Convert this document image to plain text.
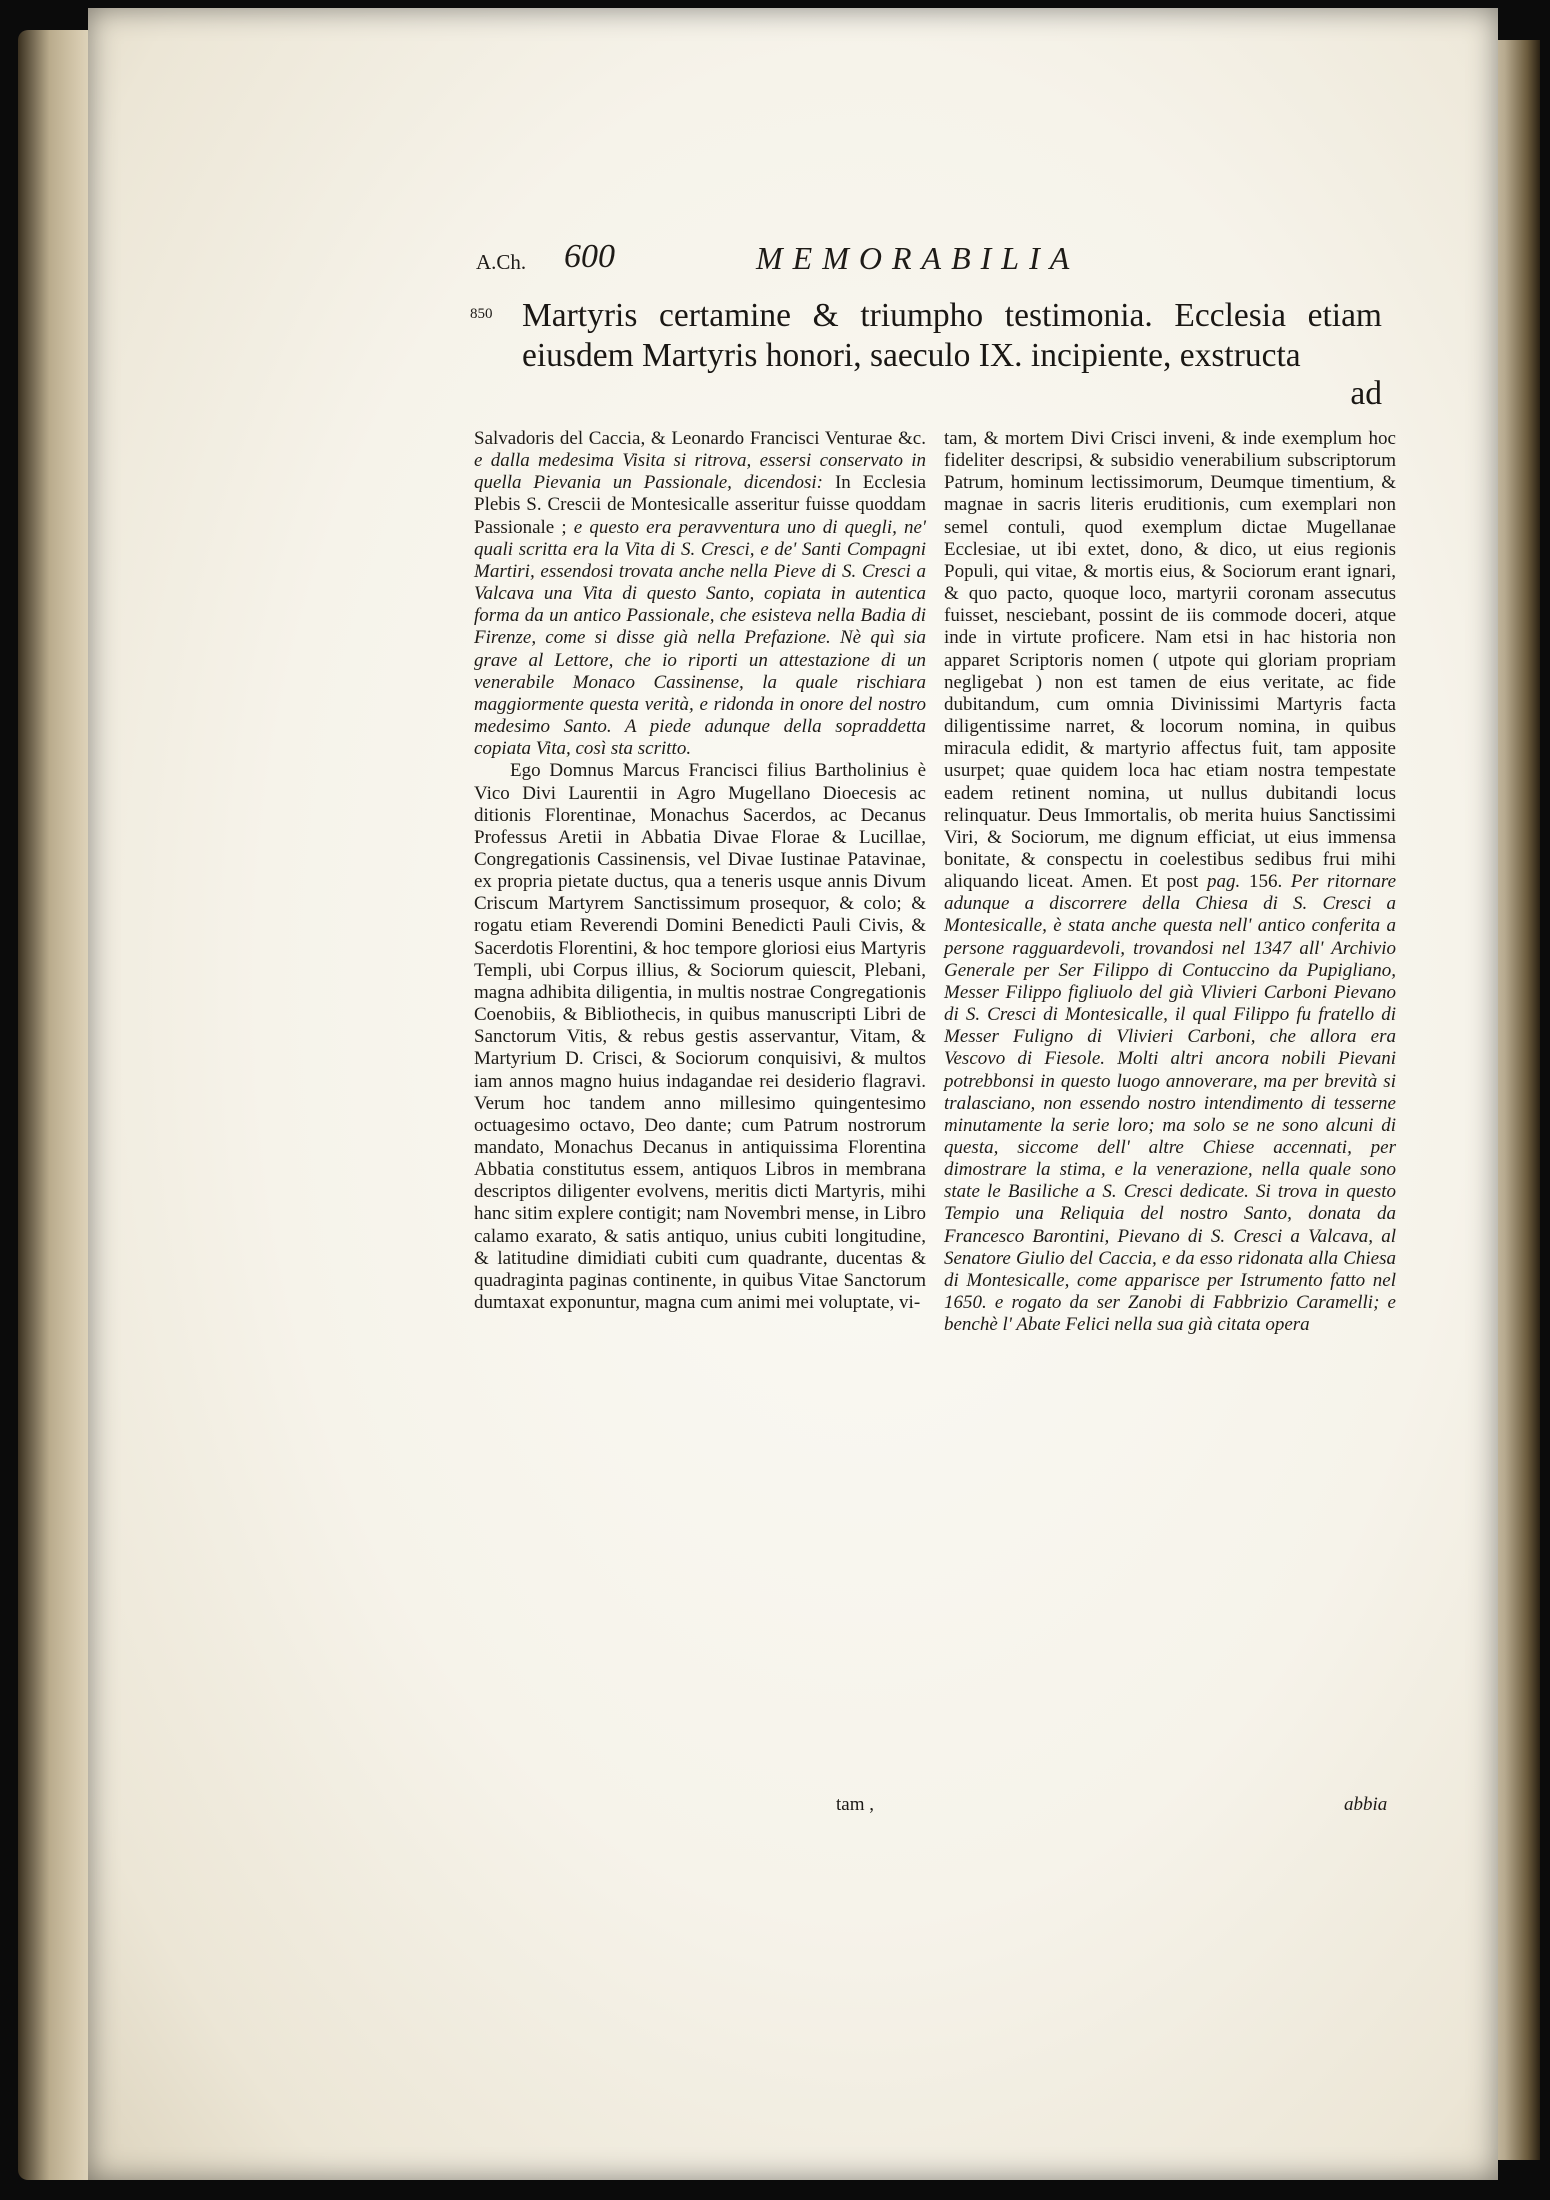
A.Ch. 600	MEMORABILIA
850 Martyris certamine & triumpho testimonia. Ecclesia etiam eiusdem Martyris honori, saeculo IX. incipiente, exstructa
ad

Salvadoris del Caccia, & Leonardo Francisci Venturae &c. e dalla medesima Visita si ritrova, essersi conservato in quella Pievania un Passionale, dicendosi: In Ecclesia Plebis S. Crescii de Montesicalle asseritur fuisse quoddam Passionale ; e questo era peravventura uno di quegli, ne' quali scritta era la Vita di S. Cresci, e de' Santi Compagni Martiri, essendosi trovata anche nella Pieve di S. Cresci a Valcava una Vita di questo Santo, copiata in autentica forma da un antico Passionale, che esisteva nella Badia di Firenze, come si disse già nella Prefazione. Nè quì sia grave al Lettore, che io riporti un attestazione di un venerabile Monaco Cassinense, la quale rischiara maggiormente questa verità, e ridonda in onore del nostro medesimo Santo. A piede adunque della sopraddetta copiata Vita, così sta scritto.

Ego Domnus Marcus Francisci filius Bartholinius è Vico Divi Laurentii in Agro Mugellano Dioecesis ac ditionis Florentinae, Monachus Sacerdos, ac Decanus Professus Aretii in Abbatia Divae Florae & Lucillae, Congregationis Cassinensis, vel Divae Iustinae Patavinae, ex propria pietate ductus, qua a teneris usque annis Divum Criscum Martyrem Sanctissimum prosequor, & colo; & rogatu etiam Reverendi Domini Benedicti Pauli Civis, & Sacerdotis Florentini, & hoc tempore gloriosi eius Martyris Templi, ubi Corpus illius, & Sociorum quiescit, Plebani, magna adhibita diligentia, in multis nostrae Congregationis Coenobiis, & Bibliothecis, in quibus manuscripti Libri de Sanctorum Vitis, & rebus gestis asservantur, Vitam, & Martyrium D. Crisci, & Sociorum conquisivi, & multos iam annos magno huius indagandae rei desiderio flagravi. Verum hoc tandem anno millesimo quingentesimo octuagesimo octavo, Deo dante; cum Patrum nostrorum mandato, Monachus Decanus in antiquissima Florentina Abbatia constitutus essem, antiquos Libros in membrana descriptos diligenter evolvens, meritis dicti Martyris, mihi hanc sitim explere contigit; nam Novembri mense, in Libro calamo exarato, & satis antiquo, unius cubiti longitudine, & latitudine dimidiati cubiti cum quadrante, ducentas & quadraginta paginas continente, in quibus Vitae Sanctorum dumtaxat exponuntur, magna cum animi mei voluptate, vi-

tam, & mortem Divi Crisci inveni, & inde exemplum hoc fideliter descripsi, & subsidio venerabilium subscriptorum Patrum, hominum lectissimorum, Deumque timentium, & magnae in sacris literis eruditionis, cum exemplari non semel contuli, quod exemplum dictae Mugellanae Ecclesiae, ut ibi extet, dono, & dico, ut eius regionis Populi, qui vitae, & mortis eius, & Sociorum erant ignari, & quo pacto, quoque loco, martyrii coronam assecutus fuisset, nesciebant, possint de iis commode doceri, atque inde in virtute proficere. Nam etsi in hac historia non apparet Scriptoris nomen ( utpote qui gloriam propriam negligebat ) non est tamen de eius veritate, ac fide dubitandum, cum omnia Divinissimi Martyris facta diligentissime narret, & locorum nomina, in quibus miracula edidit, & martyrio affectus fuit, tam apposite usurpet; quae quidem loca hac etiam nostra tempestate eadem retinent nomina, ut nullus dubitandi locus relinquatur. Deus Immortalis, ob merita huius Sanctissimi Viri, & Sociorum, me dignum efficiat, ut eius immensa bonitate, & conspectu in coelestibus sedibus frui mihi aliquando liceat. Amen. Et post pag. 156. Per ritornare adunque a discorrere della Chiesa di S. Cresci a Montesicalle, è stata anche questa nell' antico conferita a persone ragguardevoli, trovandosi nel 1347 all' Archivio Generale per Ser Filippo di Contuccino da Pupigliano, Messer Filippo figliuolo del già Vlivieri Carboni Pievano di S. Cresci di Montesicalle, il qual Filippo fu fratello di Messer Fuligno di Vlivieri Carboni, che allora era Vescovo di Fiesole. Molti altri ancora nobili Pievani potrebbonsi in questo luogo annoverare, ma per brevità si tralasciano, non essendo nostro intendimento di tesserne minutamente la serie loro; ma solo se ne sono alcuni di questa, siccome dell' altre Chiese accennati, per dimostrare la stima, e la venerazione, nella quale sono state le Basiliche a S. Cresci dedicate. Si trova in questo Tempio una Reliquia del nostro Santo, donata da Francesco Barontini, Pievano di S. Cresci a Valcava, al Senatore Giulio del Caccia, e da esso ridonata alla Chiesa di Montesicalle, come apparisce per Istrumento fatto nel 1650. e rogato da ser Zanobi di Fabbrizio Caramelli; e benchè l' Abate Felici nella sua già citata opera

tam ,	abbia
